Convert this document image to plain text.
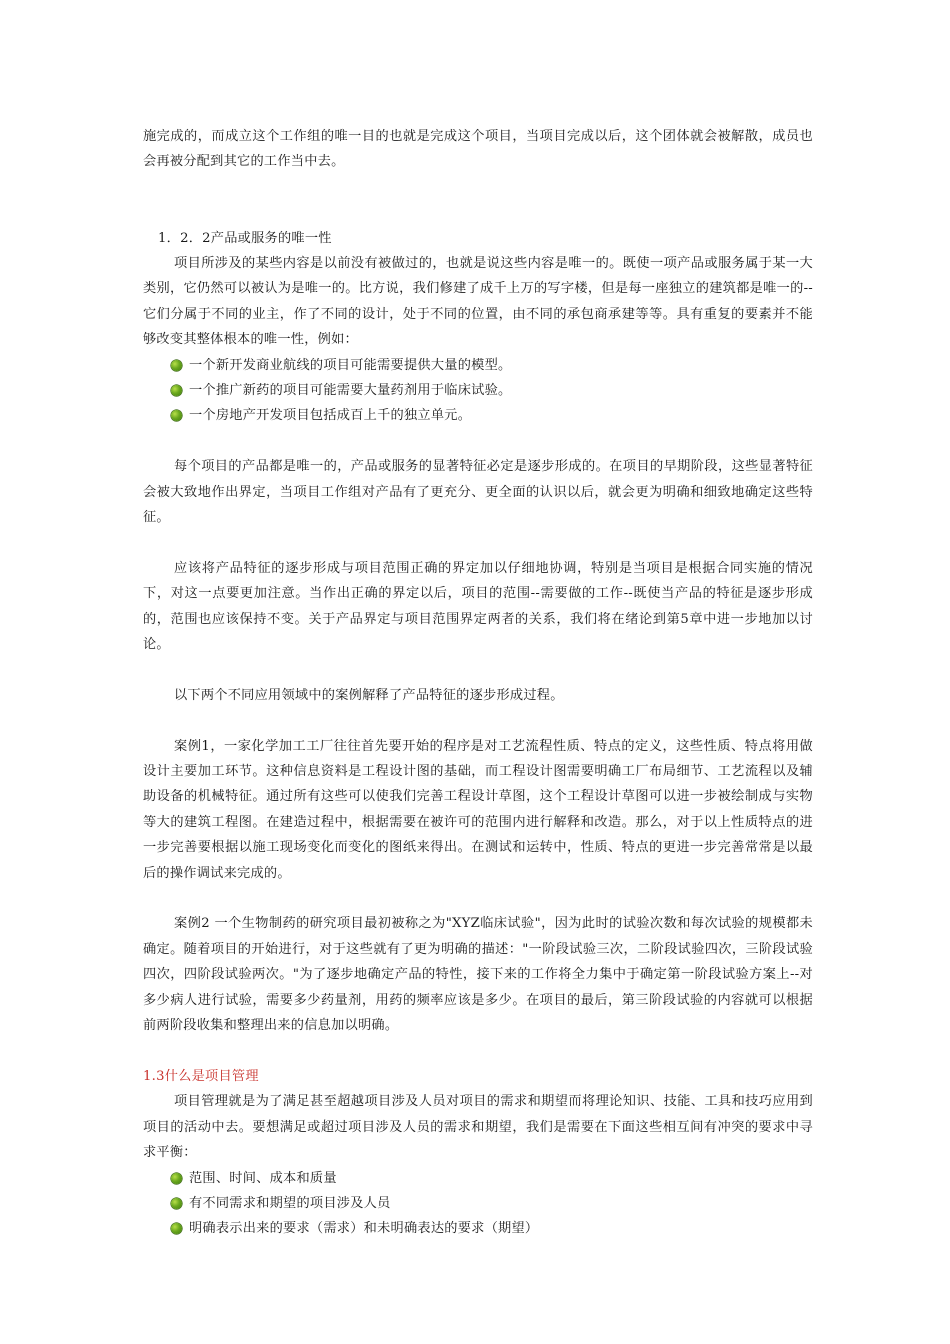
施完成的，而成立这个工作组的唯一目的也就是完成这个项目，当项目完成以后，这个团体就会被解散，成员也会再被分配到其它的工作当中去。

1．2．2产品或服务的唯一性

项目所涉及的某些内容是以前没有被做过的，也就是说这些内容是唯一的。既使一项产品或服务属于某一大类别，它仍然可以被认为是唯一的。比方说，我们修建了成千上万的写字楼，但是每一座独立的建筑都是唯一的--它们分属于不同的业主，作了不同的设计，处于不同的位置，由不同的承包商承建等等。具有重复的要素并不能够改变其整体根本的唯一性，例如：

一个新开发商业航线的项目可能需要提供大量的模型。
一个推广新药的项目可能需要大量药剂用于临床试验。
一个房地产开发项目包括成百上千的独立单元。

每个项目的产品都是唯一的，产品或服务的显著特征必定是逐步形成的。在项目的早期阶段，这些显著特征会被大致地作出界定，当项目工作组对产品有了更充分、更全面的认识以后，就会更为明确和细致地确定这些特征。

应该将产品特征的逐步形成与项目范围正确的界定加以仔细地协调，特别是当项目是根据合同实施的情况下，对这一点要更加注意。当作出正确的界定以后，项目的范围--需要做的工作--既使当产品的特征是逐步形成的，范围也应该保持不变。关于产品界定与项目范围界定两者的关系，我们将在绪论到第5章中进一步地加以讨论。

以下两个不同应用领域中的案例解释了产品特征的逐步形成过程。

案例1，一家化学加工工厂往往首先要开始的程序是对工艺流程性质、特点的定义，这些性质、特点将用做设计主要加工环节。这种信息资料是工程设计图的基础，而工程设计图需要明确工厂布局细节、工艺流程以及辅助设备的机械特征。通过所有这些可以使我们完善工程设计草图，这个工程设计草图可以进一步被绘制成与实物等大的建筑工程图。在建造过程中，根据需要在被许可的范围内进行解释和改造。那么，对于以上性质特点的进一步完善要根据以施工现场变化而变化的图纸来得出。在测试和运转中，性质、特点的更进一步完善常常是以最后的操作调试来完成的。

案例2 一个生物制药的研究项目最初被称之为"XYZ临床试验"，因为此时的试验次数和每次试验的规模都未确定。随着项目的开始进行，对于这些就有了更为明确的描述："一阶段试验三次，二阶段试验四次，三阶段试验四次，四阶段试验两次。"为了逐步地确定产品的特性，接下来的工作将全力集中于确定第一阶段试验方案上--对多少病人进行试验，需要多少药量剂，用药的频率应该是多少。在项目的最后，第三阶段试验的内容就可以根据前两阶段收集和整理出来的信息加以明确。

1.3什么是项目管理

项目管理就是为了满足甚至超越项目涉及人员对项目的需求和期望而将理论知识、技能、工具和技巧应用到项目的活动中去。要想满足或超过项目涉及人员的需求和期望，我们是需要在下面这些相互间有冲突的要求中寻求平衡：

范围、时间、成本和质量
有不同需求和期望的项目涉及人员
明确表示出来的要求（需求）和未明确表达的要求（期望）
